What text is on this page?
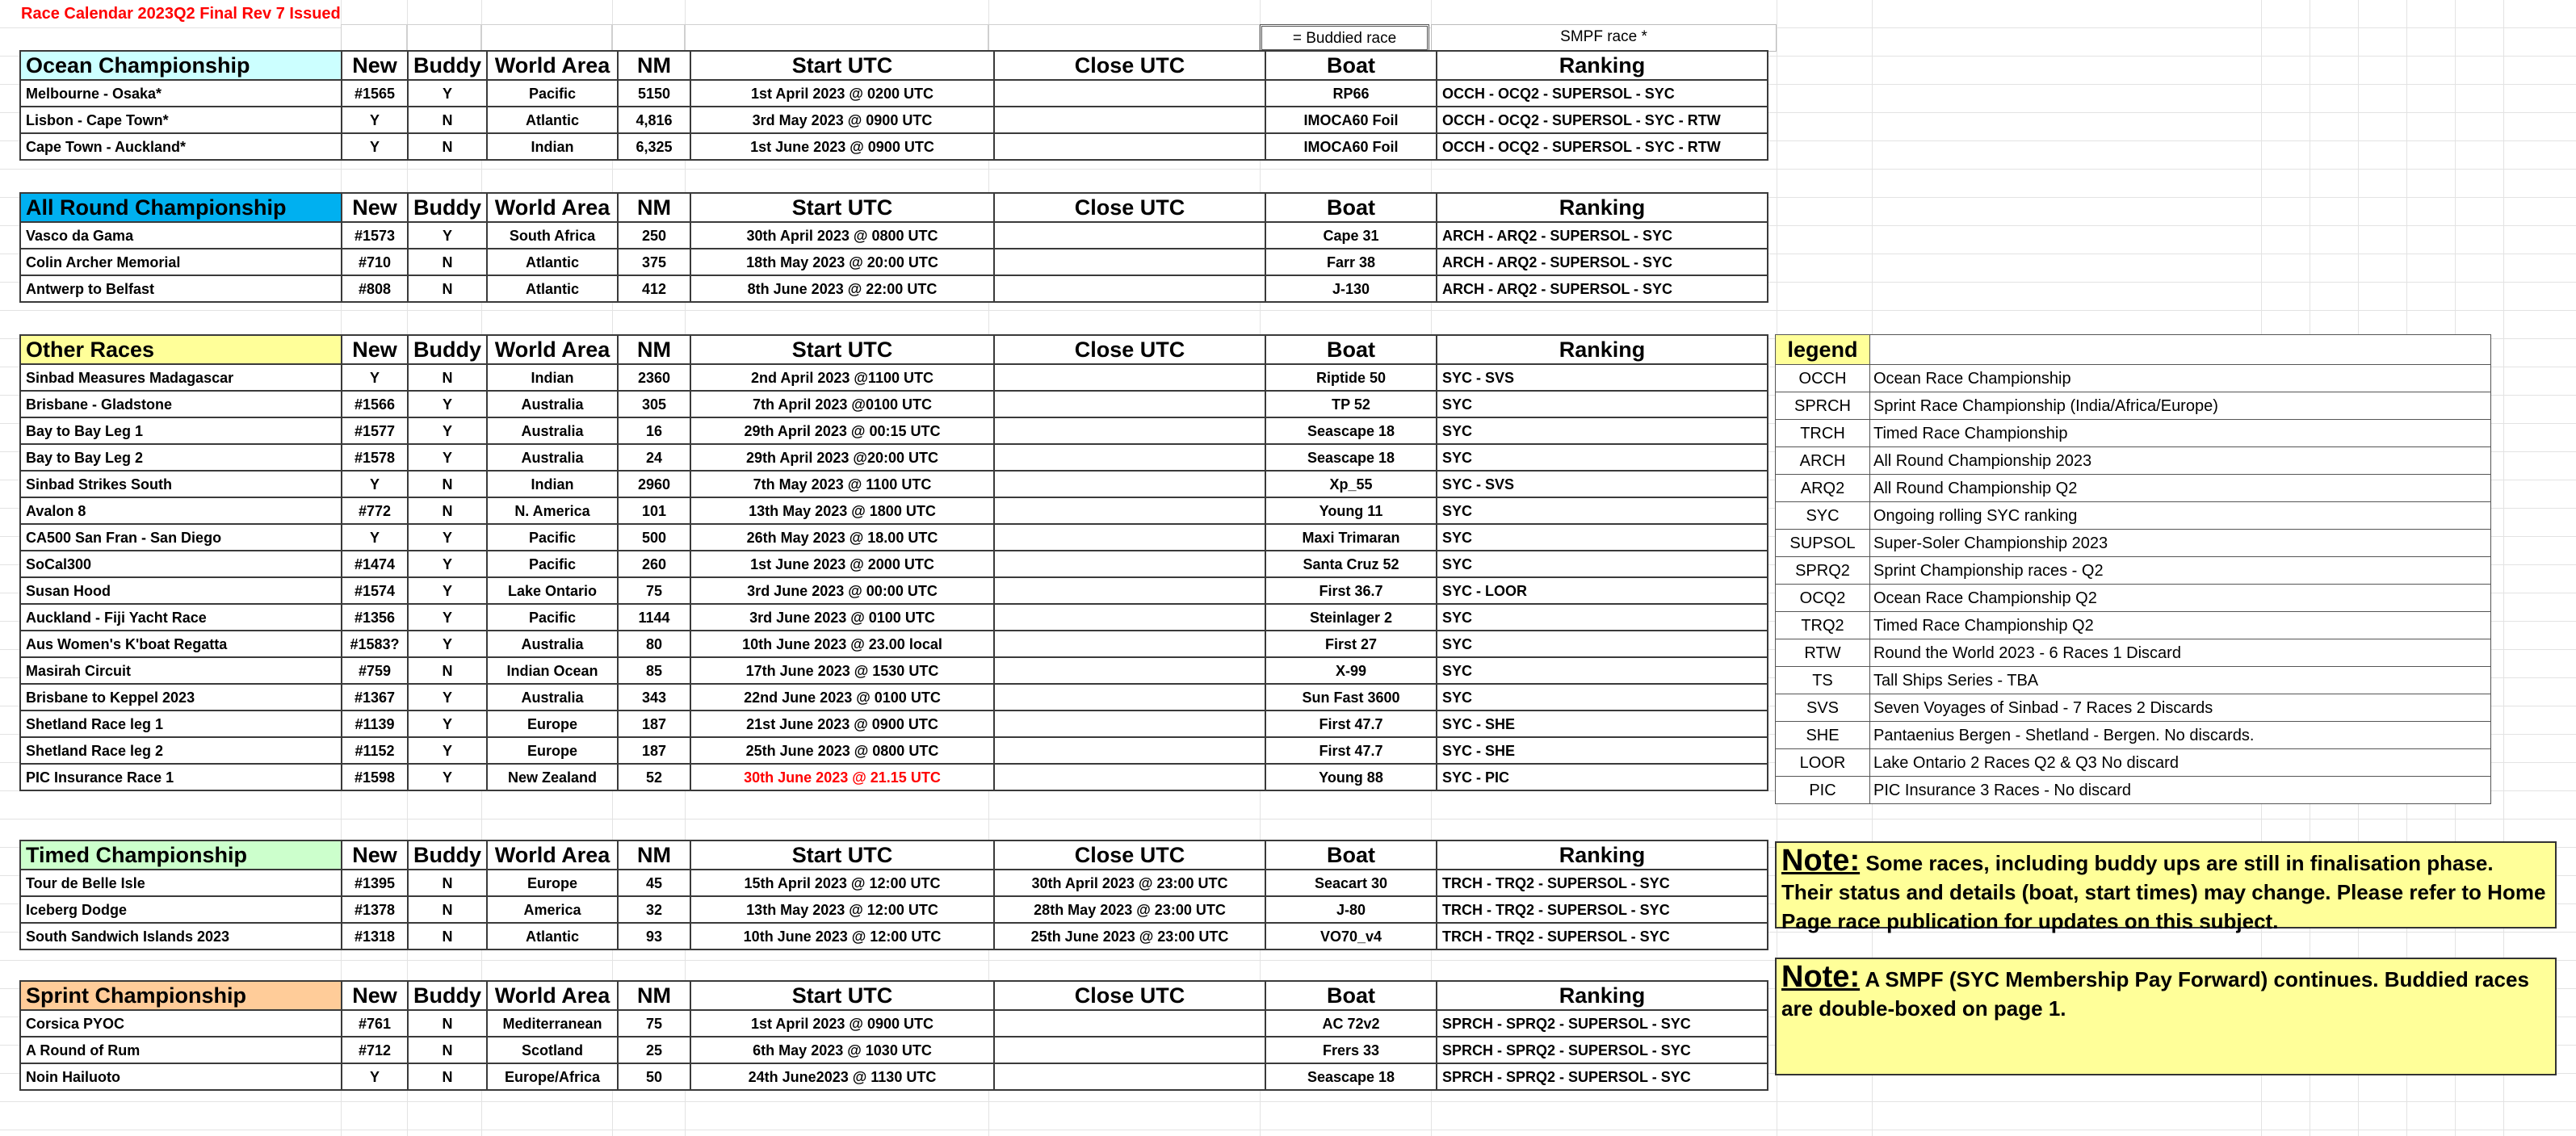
Race Calendar 2023Q2 Final Rev 7 Issued
= Buddied race	SMPF race *
Ocean Championship	New	Buddy	World Area	NM	Start UTC	Close UTC	Boat	Ranking
Melbourne - Osaka*	#1565	Y	Pacific	5150	1st April 2023 @ 0200 UTC		RP66	OCCH - OCQ2 - SUPERSOL - SYC
Lisbon - Cape Town*	Y	N	Atlantic	4,816	3rd May 2023 @ 0900 UTC		IMOCA60 Foil	OCCH - OCQ2 - SUPERSOL - SYC - RTW
Cape Town - Auckland*	Y	N	Indian	6,325	1st June 2023 @ 0900 UTC		IMOCA60 Foil	OCCH - OCQ2 - SUPERSOL - SYC - RTW
All Round Championship	New	Buddy	World Area	NM	Start UTC	Close UTC	Boat	Ranking
Vasco da Gama	#1573	Y	South Africa	250	30th April 2023 @ 0800 UTC		Cape 31	ARCH - ARQ2 - SUPERSOL - SYC
Colin Archer Memorial	#710	N	Atlantic	375	18th May 2023 @ 20:00 UTC		Farr 38	ARCH - ARQ2 - SUPERSOL - SYC
Antwerp to Belfast	#808	N	Atlantic	412	8th June 2023 @ 22:00 UTC		J-130	ARCH - ARQ2 - SUPERSOL - SYC
Other Races	New	Buddy	World Area	NM	Start UTC	Close UTC	Boat	Ranking
Sinbad Measures Madagascar	Y	N	Indian	2360	2nd April 2023 @1100 UTC		Riptide 50	SYC - SVS
Brisbane - Gladstone	#1566	Y	Australia	305	7th April 2023 @0100 UTC		TP 52	SYC
Bay to Bay Leg 1	#1577	Y	Australia	16	29th April 2023 @ 00:15 UTC		Seascape 18	SYC
Bay to Bay Leg 2	#1578	Y	Australia	24	29th April 2023 @20:00 UTC		Seascape 18	SYC
Sinbad Strikes South	Y	N	Indian	2960	7th May 2023 @ 1100 UTC		Xp_55	SYC - SVS
Avalon 8	#772	N	N. America	101	13th May 2023 @ 1800 UTC		Young 11	SYC
CA500 San Fran - San Diego	Y	Y	Pacific	500	26th May 2023 @ 18.00 UTC		Maxi Trimaran	SYC
SoCal300	#1474	Y	Pacific	260	1st June 2023 @ 2000 UTC		Santa Cruz 52	SYC
Susan Hood	#1574	Y	Lake Ontario	75	3rd June 2023 @ 00:00 UTC		First 36.7	SYC - LOOR
Auckland - Fiji Yacht Race	#1356	Y	Pacific	1144	3rd June 2023 @ 0100 UTC		Steinlager 2	SYC
Aus Women's K'boat Regatta	#1583?	Y	Australia	80	10th June 2023 @ 23.00 local		First 27	SYC
Masirah Circuit	#759	N	Indian Ocean	85	17th June 2023 @ 1530 UTC		X-99	SYC
Brisbane to Keppel 2023	#1367	Y	Australia	343	22nd June 2023 @ 0100 UTC		Sun Fast 3600	SYC
Shetland Race leg 1	#1139	Y	Europe	187	21st June 2023 @ 0900 UTC		First 47.7	SYC - SHE
Shetland Race leg 2	#1152	Y	Europe	187	25th June 2023 @ 0800 UTC		First 47.7	SYC - SHE
PIC Insurance Race 1	#1598	Y	New Zealand	52	30th June 2023 @ 21.15 UTC		Young 88	SYC - PIC
Timed Championship	New	Buddy	World Area	NM	Start UTC	Close UTC	Boat	Ranking
Tour de Belle Isle	#1395	N	Europe	45	15th April 2023 @ 12:00 UTC	30th April 2023 @ 23:00 UTC	Seacart 30	TRCH - TRQ2 - SUPERSOL - SYC
Iceberg Dodge	#1378	N	America	32	13th May 2023 @ 12:00 UTC	28th May 2023 @ 23:00 UTC	J-80	TRCH - TRQ2 - SUPERSOL - SYC
South Sandwich Islands 2023	#1318	N	Atlantic	93	10th June 2023 @ 12:00 UTC	25th June 2023 @ 23:00 UTC	VO70_v4	TRCH - TRQ2 - SUPERSOL - SYC
Sprint Championship	New	Buddy	World Area	NM	Start UTC	Close UTC	Boat	Ranking
Corsica PYOC	#761	N	Mediterranean	75	1st April 2023 @ 0900 UTC		AC 72v2	SPRCH - SPRQ2 - SUPERSOL - SYC
A Round of Rum	#712	N	Scotland	25	6th May 2023 @ 1030 UTC		Frers 33	SPRCH - SPRQ2 - SUPERSOL - SYC
Noin Hailuoto	Y	N	Europe/Africa	50	24th June2023 @ 1130 UTC		Seascape 18	SPRCH - SPRQ2 - SUPERSOL - SYC
legend	
OCCH	Ocean Race Championship
SPRCH	Sprint Race Championship (India/Africa/Europe)
TRCH	Timed Race Championship
ARCH	All Round Championship 2023
ARQ2	All Round Championship Q2
SYC	Ongoing rolling SYC ranking
SUPSOL	Super-Soler Championship 2023
SPRQ2	Sprint Championship races - Q2
OCQ2	Ocean Race Championship Q2
TRQ2	Timed Race Championship Q2
RTW	Round the World 2023 - 6 Races 1 Discard
TS	Tall Ships Series - TBA
SVS	Seven Voyages of Sinbad - 7 Races 2 Discards
SHE	Pantaenius Bergen - Shetland - Bergen. No discards.
LOOR	Lake Ontario 2 Races Q2 & Q3 No discard
PIC	PIC Insurance 3 Races - No discard
Note: Some races, including buddy ups are still in finalisation phase. Their status and details (boat, start times) may change. Please refer to Home Page race publication for updates on this subject.
Note: A SMPF (SYC Membership Pay Forward) continues. Buddied races are double-boxed on page 1.
